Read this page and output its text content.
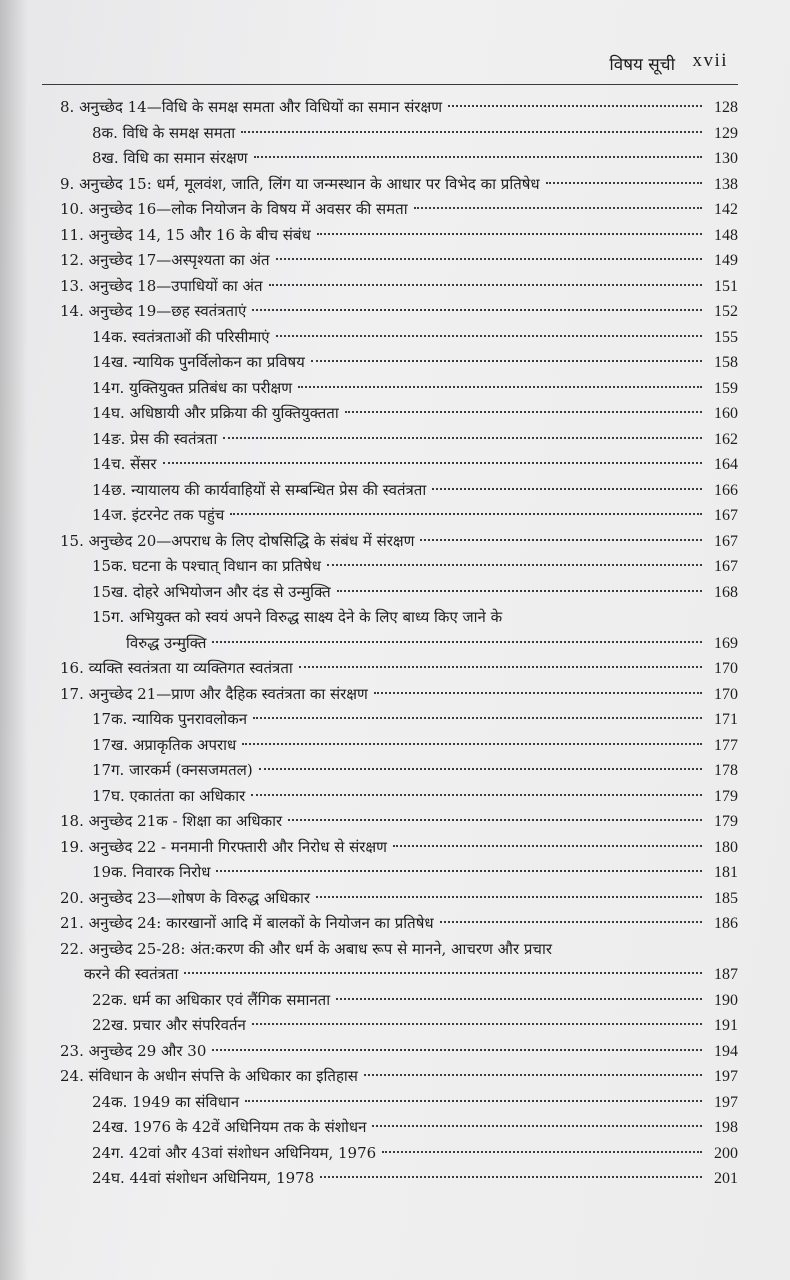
विषय सूची xvii
8. अनुच्छेद 14—विधि के समक्ष समता और विधियों का समान संरक्षण	128
8क. विधि के समक्ष समता	129
8ख. विधि का समान संरक्षण	130
9. अनुच्छेद 15: धर्म, मूलवंश, जाति, लिंग या जन्मस्थान के आधार पर विभेद का प्रतिषेध	138
10. अनुच्छेद 16—लोक नियोजन के विषय में अवसर की समता	142
11. अनुच्छेद 14, 15 और 16 के बीच संबंध	148
12. अनुच्छेद 17—अस्पृश्यता का अंत	149
13. अनुच्छेद 18—उपाधियों का अंत	151
14. अनुच्छेद 19—छह स्वतंत्रताएं	152
14क. स्वतंत्रताओं की परिसीमाएं	155
14ख. न्यायिक पुनर्विलोकन का प्रविषय	158
14ग. युक्तियुक्त प्रतिबंध का परीक्षण	159
14घ. अधिष्ठायी और प्रक्रिया की युक्तियुक्तता	160
14ङ. प्रेस की स्वतंत्रता	162
14च. सेंसर	164
14छ. न्यायालय की कार्यवाहियों से सम्बन्धित प्रेस की स्वतंत्रता	166
14ज. इंटरनेट तक पहुंच	167
15. अनुच्छेद 20—अपराध के लिए दोषसिद्धि के संबंध में संरक्षण	167
15क. घटना के पश्चात् विधान का प्रतिषेध	167
15ख. दोहरे अभियोजन और दंड से उन्मुक्ति	168
15ग. अभियुक्त को स्वयं अपने विरुद्ध साक्ष्य देने के लिए बाध्य किए जाने के
विरुद्ध उन्मुक्ति	169
16. व्यक्ति स्वतंत्रता या व्यक्तिगत स्वतंत्रता	170
17. अनुच्छेद 21—प्राण और दैहिक स्वतंत्रता का संरक्षण	170
17क. न्यायिक पुनरावलोकन	171
17ख. अप्राकृतिक अपराध	177
17ग. जारकर्म (क्नसजमतल)	178
17घ. एकातंता का अधिकार	179
18. अनुच्छेद 21क - शिक्षा का अधिकार	179
19. अनुच्छेद 22 - मनमानी गिरफ्तारी और निरोध से संरक्षण	180
19क. निवारक निरोध	181
20. अनुच्छेद 23—शोषण के विरुद्ध अधिकार	185
21. अनुच्छेद 24: कारखानों आदि में बालकों के नियोजन का प्रतिषेध	186
22. अनुच्छेद 25-28: अंत:करण की और धर्म के अबाध रूप से मानने, आचरण और प्रचार
करने की स्वतंत्रता	187
22क. धर्म का अधिकार एवं लैंगिक समानता	190
22ख. प्रचार और संपरिवर्तन	191
23. अनुच्छेद 29 और 30	194
24. संविधान के अधीन संपत्ति के अधिकार का इतिहास	197
24क. 1949 का संविधान	197
24ख. 1976 के 42वें अधिनियम तक के संशोधन	198
24ग. 42वां और 43वां संशोधन अधिनियम, 1976	200
24घ. 44वां संशोधन अधिनियम, 1978	201
